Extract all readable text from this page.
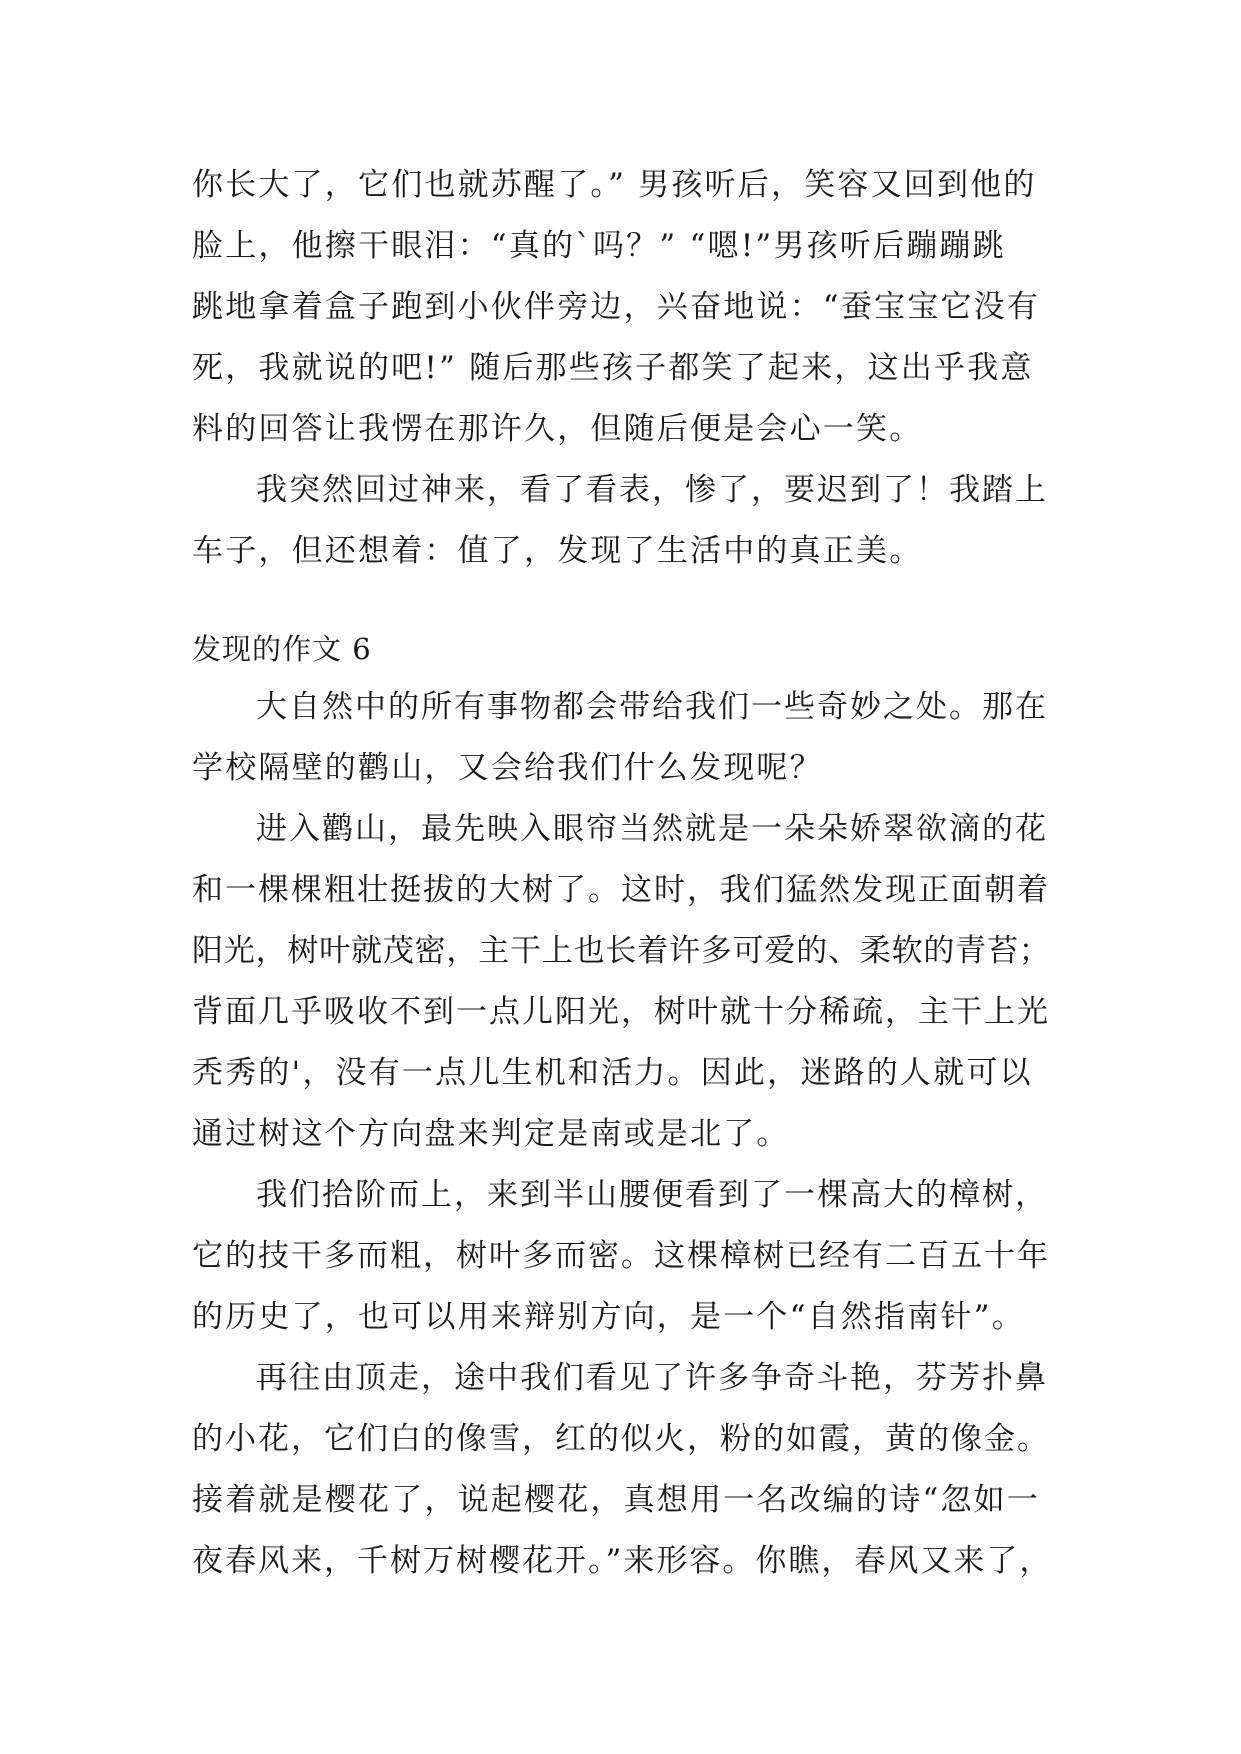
你长大了，它们也就苏醒了。” 男孩听后，笑容又回到他的
脸上，他擦干眼泪：“真的`吗？” “嗯!”男孩听后蹦蹦跳
跳地拿着盒子跑到小伙伴旁边，兴奋地说：“蚕宝宝它没有
死，我就说的吧!” 随后那些孩子都笑了起来，这出乎我意
料的回答让我愣在那许久，但随后便是会心一笑。
我突然回过神来，看了看表，惨了，要迟到了！我踏上
车子，但还想着：值了，发现了生活中的真正美。
发现的作文 6
大自然中的所有事物都会带给我们一些奇妙之处。那在
学校隔壁的鹳山，又会给我们什么发现呢？
进入鹳山，最先映入眼帘当然就是一朵朵娇翠欲滴的花
和一棵棵粗壮挺拔的大树了。这时，我们猛然发现正面朝着
阳光，树叶就茂密，主干上也长着许多可爱的、柔软的青苔；
背面几乎吸收不到一点儿阳光，树叶就十分稀疏，主干上光
秃秀的'，没有一点儿生机和活力。因此，迷路的人就可以
通过树这个方向盘来判定是南或是北了。
我们拾阶而上，来到半山腰便看到了一棵高大的樟树，
它的技干多而粗，树叶多而密。这棵樟树已经有二百五十年
的历史了，也可以用来辩别方向，是一个“自然指南针”。
再往由顶走，途中我们看见了许多争奇斗艳，芬芳扑鼻
的小花，它们白的像雪，红的似火，粉的如霞，黄的像金。
接着就是樱花了，说起樱花，真想用一名改编的诗“忽如一
夜春风来，千树万树樱花开。”来形容。你瞧，春风又来了，
